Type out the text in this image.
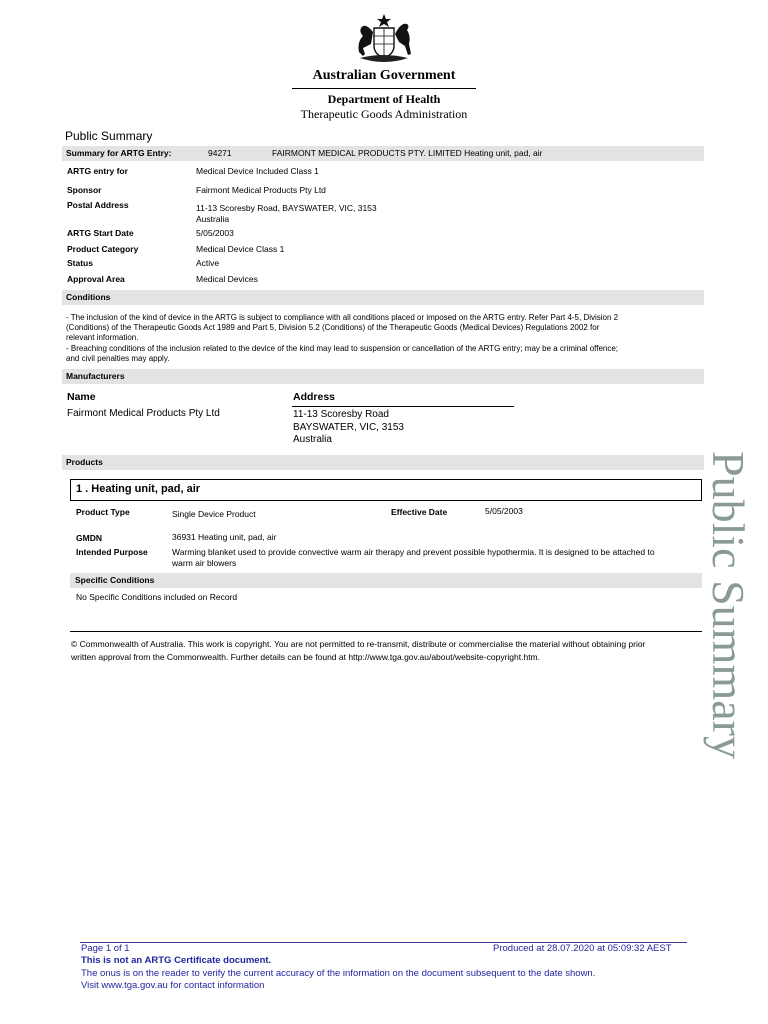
Australian Government
Department of Health
Therapeutic Goods Administration
Public Summary
Summary for ARTG Entry:	94271	FAIRMONT MEDICAL PRODUCTS PTY. LIMITED Heating unit, pad, air
ARTG entry for	Medical Device Included Class 1
Sponsor	Fairmont Medical Products Pty Ltd
Postal Address	11-13 Scoresby Road, BAYSWATER, VIC, 3153
Australia
ARTG Start Date	5/05/2003
Product Category	Medical Device Class 1
Status	Active
Approval Area	Medical Devices
Conditions
- The inclusion of the kind of device in the ARTG is subject to compliance with all conditions placed or imposed on the ARTG entry. Refer Part 4-5, Division 2
(Conditions) of the Therapeutic Goods Act 1989 and Part 5, Division 5.2 (Conditions) of the Therapeutic Goods (Medical Devices) Regulations 2002 for
relevant information.
- Breaching conditions of the inclusion related to the device of the kind may lead to suspension or cancellation of the ARTG entry; may be a criminal offence;
and civil penalties may apply.
Manufacturers
Name	Address
Fairmont Medical Products Pty Ltd	11-13 Scoresby Road
BAYSWATER, VIC, 3153
Australia
Products
1 . Heating unit, pad, air
Product Type	Single Device Product	Effective Date	5/05/2003
GMDN	36931 Heating unit, pad, air
Intended Purpose	Warming blanket used to provide convective warm air therapy and prevent possible hypothermia. It is designed to be attached to
warm air blowers
Specific Conditions
No Specific Conditions included on Record
© Commonwealth of Australia. This work is copyright. You are not permitted to re-transmit, distribute or commercialise the material without obtaining prior
written approval from the Commonwealth. Further details can be found at http://www.tga.gov.au/about/website-copyright.htm.	Public Summary
Page 1 of 1	Produced at 28.07.2020 at 05:09:32 AEST
This is not an ARTG Certificate document.
The onus is on the reader to verify the current accuracy of the information on the document subsequent to the date shown.
Visit www.tga.gov.au for contact information
